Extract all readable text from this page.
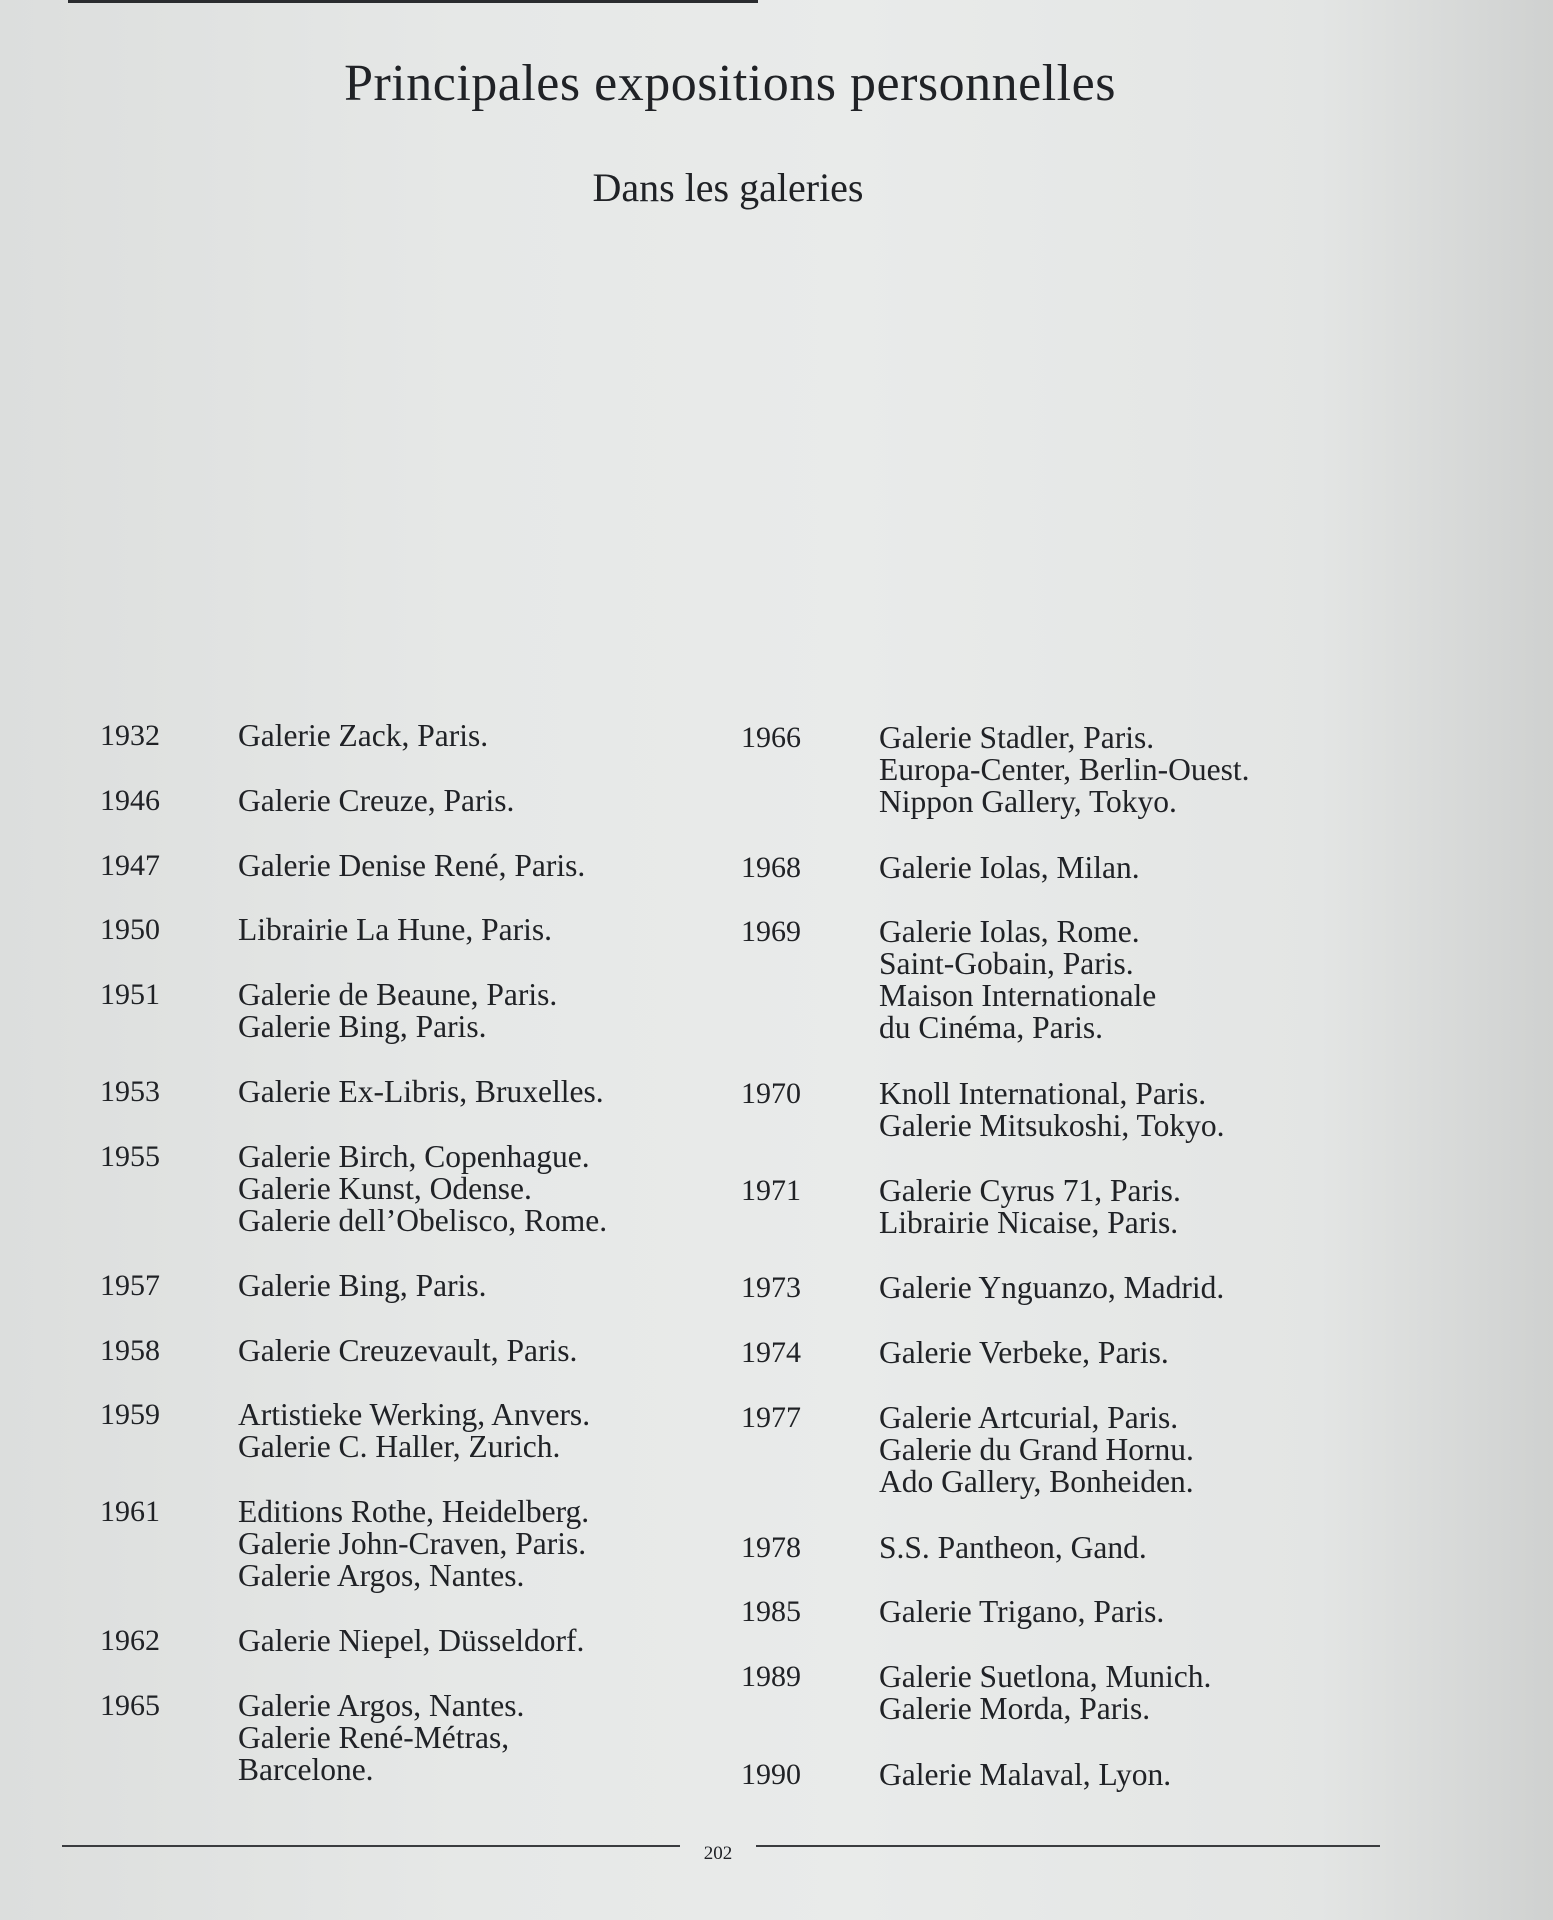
Principales expositions personnelles
Dans les galeries
1932	Galerie Zack, Paris.
1946	Galerie Creuze, Paris.
1947	Galerie Denise René, Paris.
1950	Librairie La Hune, Paris.
1951	Galerie de Beaune, Paris.
Galerie Bing, Paris.
1953	Galerie Ex-Libris, Bruxelles.
1955	Galerie Birch, Copenhague.
Galerie Kunst, Odense.
Galerie dell’Obelisco, Rome.
1957	Galerie Bing, Paris.
1958	Galerie Creuzevault, Paris.
1959	Artistieke Werking, Anvers.
Galerie C. Haller, Zurich.
1961	Editions Rothe, Heidelberg.
Galerie John-Craven, Paris.
Galerie Argos, Nantes.
1962	Galerie Niepel, Düsseldorf.
1965	Galerie Argos, Nantes.
Galerie René-Métras,
Barcelone.
1966	Galerie Stadler, Paris.
Europa-Center, Berlin-Ouest.
Nippon Gallery, Tokyo.
1968	Galerie Iolas, Milan.
1969	Galerie Iolas, Rome.
Saint-Gobain, Paris.
Maison Internationale
du Cinéma, Paris.
1970	Knoll International, Paris.
Galerie Mitsukoshi, Tokyo.
1971	Galerie Cyrus 71, Paris.
Librairie Nicaise, Paris.
1973	Galerie Ynguanzo, Madrid.
1974	Galerie Verbeke, Paris.
1977	Galerie Artcurial, Paris.
Galerie du Grand Hornu.
Ado Gallery, Bonheiden.
1978	S.S. Pantheon, Gand.
1985	Galerie Trigano, Paris.
1989	Galerie Suetlona, Munich.
Galerie Morda, Paris.
1990	Galerie Malaval, Lyon.
202
